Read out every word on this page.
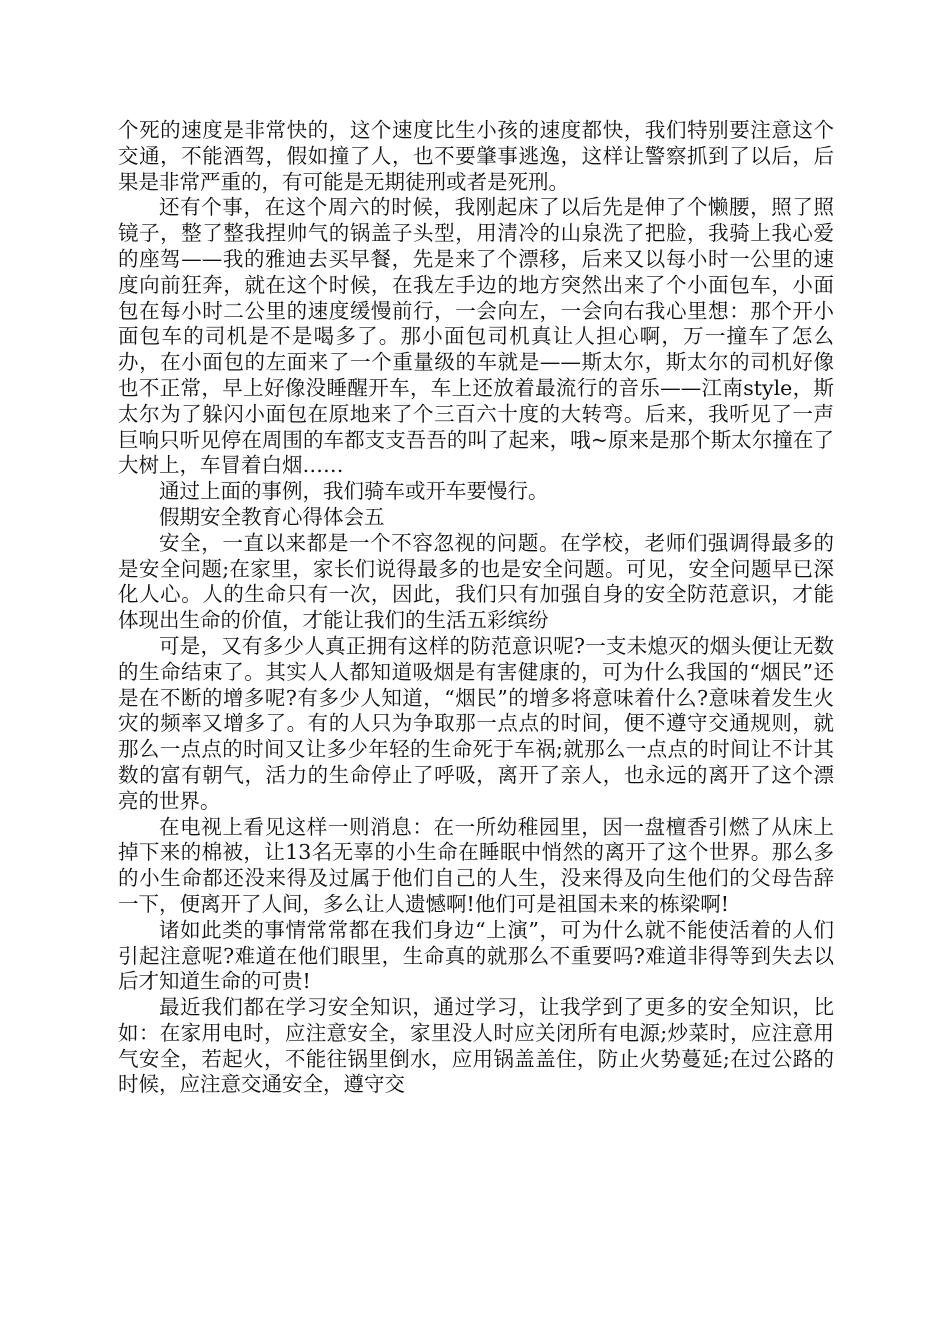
个死的速度是非常快的，这个速度比生小孩的速度都快，我们特别要注意这个交通，不能酒驾，假如撞了人，也不要肇事逃逸，这样让警察抓到了以后，后果是非常严重的，有可能是无期徒刑或者是死刑。

还有个事，在这个周六的时候，我刚起床了以后先是伸了个懒腰，照了照镜子，整了整我捏帅气的锅盖子头型，用清冷的山泉洗了把脸，我骑上我心爱的座驾——我的雅迪去买早餐，先是来了个漂移，后来又以每小时一公里的速度向前狂奔，就在这个时候，在我左手边的地方突然出来了个小面包车，小面包在每小时二公里的速度缓慢前行，一会向左，一会向右我心里想：那个开小面包车的司机是不是喝多了。那小面包司机真让人担心啊，万一撞车了怎么办，在小面包的左面来了一个重量级的车就是——斯太尔，斯太尔的司机好像也不正常，早上好像没睡醒开车，车上还放着最流行的音乐——江南style，斯太尔为了躲闪小面包在原地来了个三百六十度的大转弯。后来，我听见了一声巨响只听见停在周围的车都支支吾吾的叫了起来，哦~原来是那个斯太尔撞在了大树上，车冒着白烟……

通过上面的事例，我们骑车或开车要慢行。

假期安全教育心得体会五

安全，一直以来都是一个不容忽视的问题。在学校，老师们强调得最多的是安全问题;在家里，家长们说得最多的也是安全问题。可见，安全问题早已深化人心。人的生命只有一次，因此，我们只有加强自身的安全防范意识，才能体现出生命的价值，才能让我们的生活五彩缤纷

可是，又有多少人真正拥有这样的防范意识呢?一支未熄灭的烟头便让无数的生命结束了。其实人人都知道吸烟是有害健康的，可为什么我国的“烟民”还是在不断的增多呢?有多少人知道，“烟民”的增多将意味着什么?意味着发生火灾的频率又增多了。有的人只为争取那一点点的时间，便不遵守交通规则，就那么一点点的时间又让多少年轻的生命死于车祸;就那么一点点的时间让不计其数的富有朝气，活力的生命停止了呼吸，离开了亲人，也永远的离开了这个漂亮的世界。

在电视上看见这样一则消息：在一所幼稚园里，因一盘檀香引燃了从床上掉下来的棉被，让13名无辜的小生命在睡眠中悄然的离开了这个世界。那么多的小生命都还没来得及过属于他们自己的人生，没来得及向生他们的父母告辞一下，便离开了人间，多么让人遗憾啊!他们可是祖国未来的栋梁啊!

诸如此类的事情常常都在我们身边“上演”，可为什么就不能使活着的人们引起注意呢?难道在他们眼里，生命真的就那么不重要吗?难道非得等到失去以后才知道生命的可贵!

最近我们都在学习安全知识，通过学习，让我学到了更多的安全知识，比如：在家用电时，应注意安全，家里没人时应关闭所有电源;炒菜时，应注意用气安全，若起火，不能往锅里倒水，应用锅盖盖住，防止火势蔓延;在过公路的时候，应注意交通安全，遵守交
